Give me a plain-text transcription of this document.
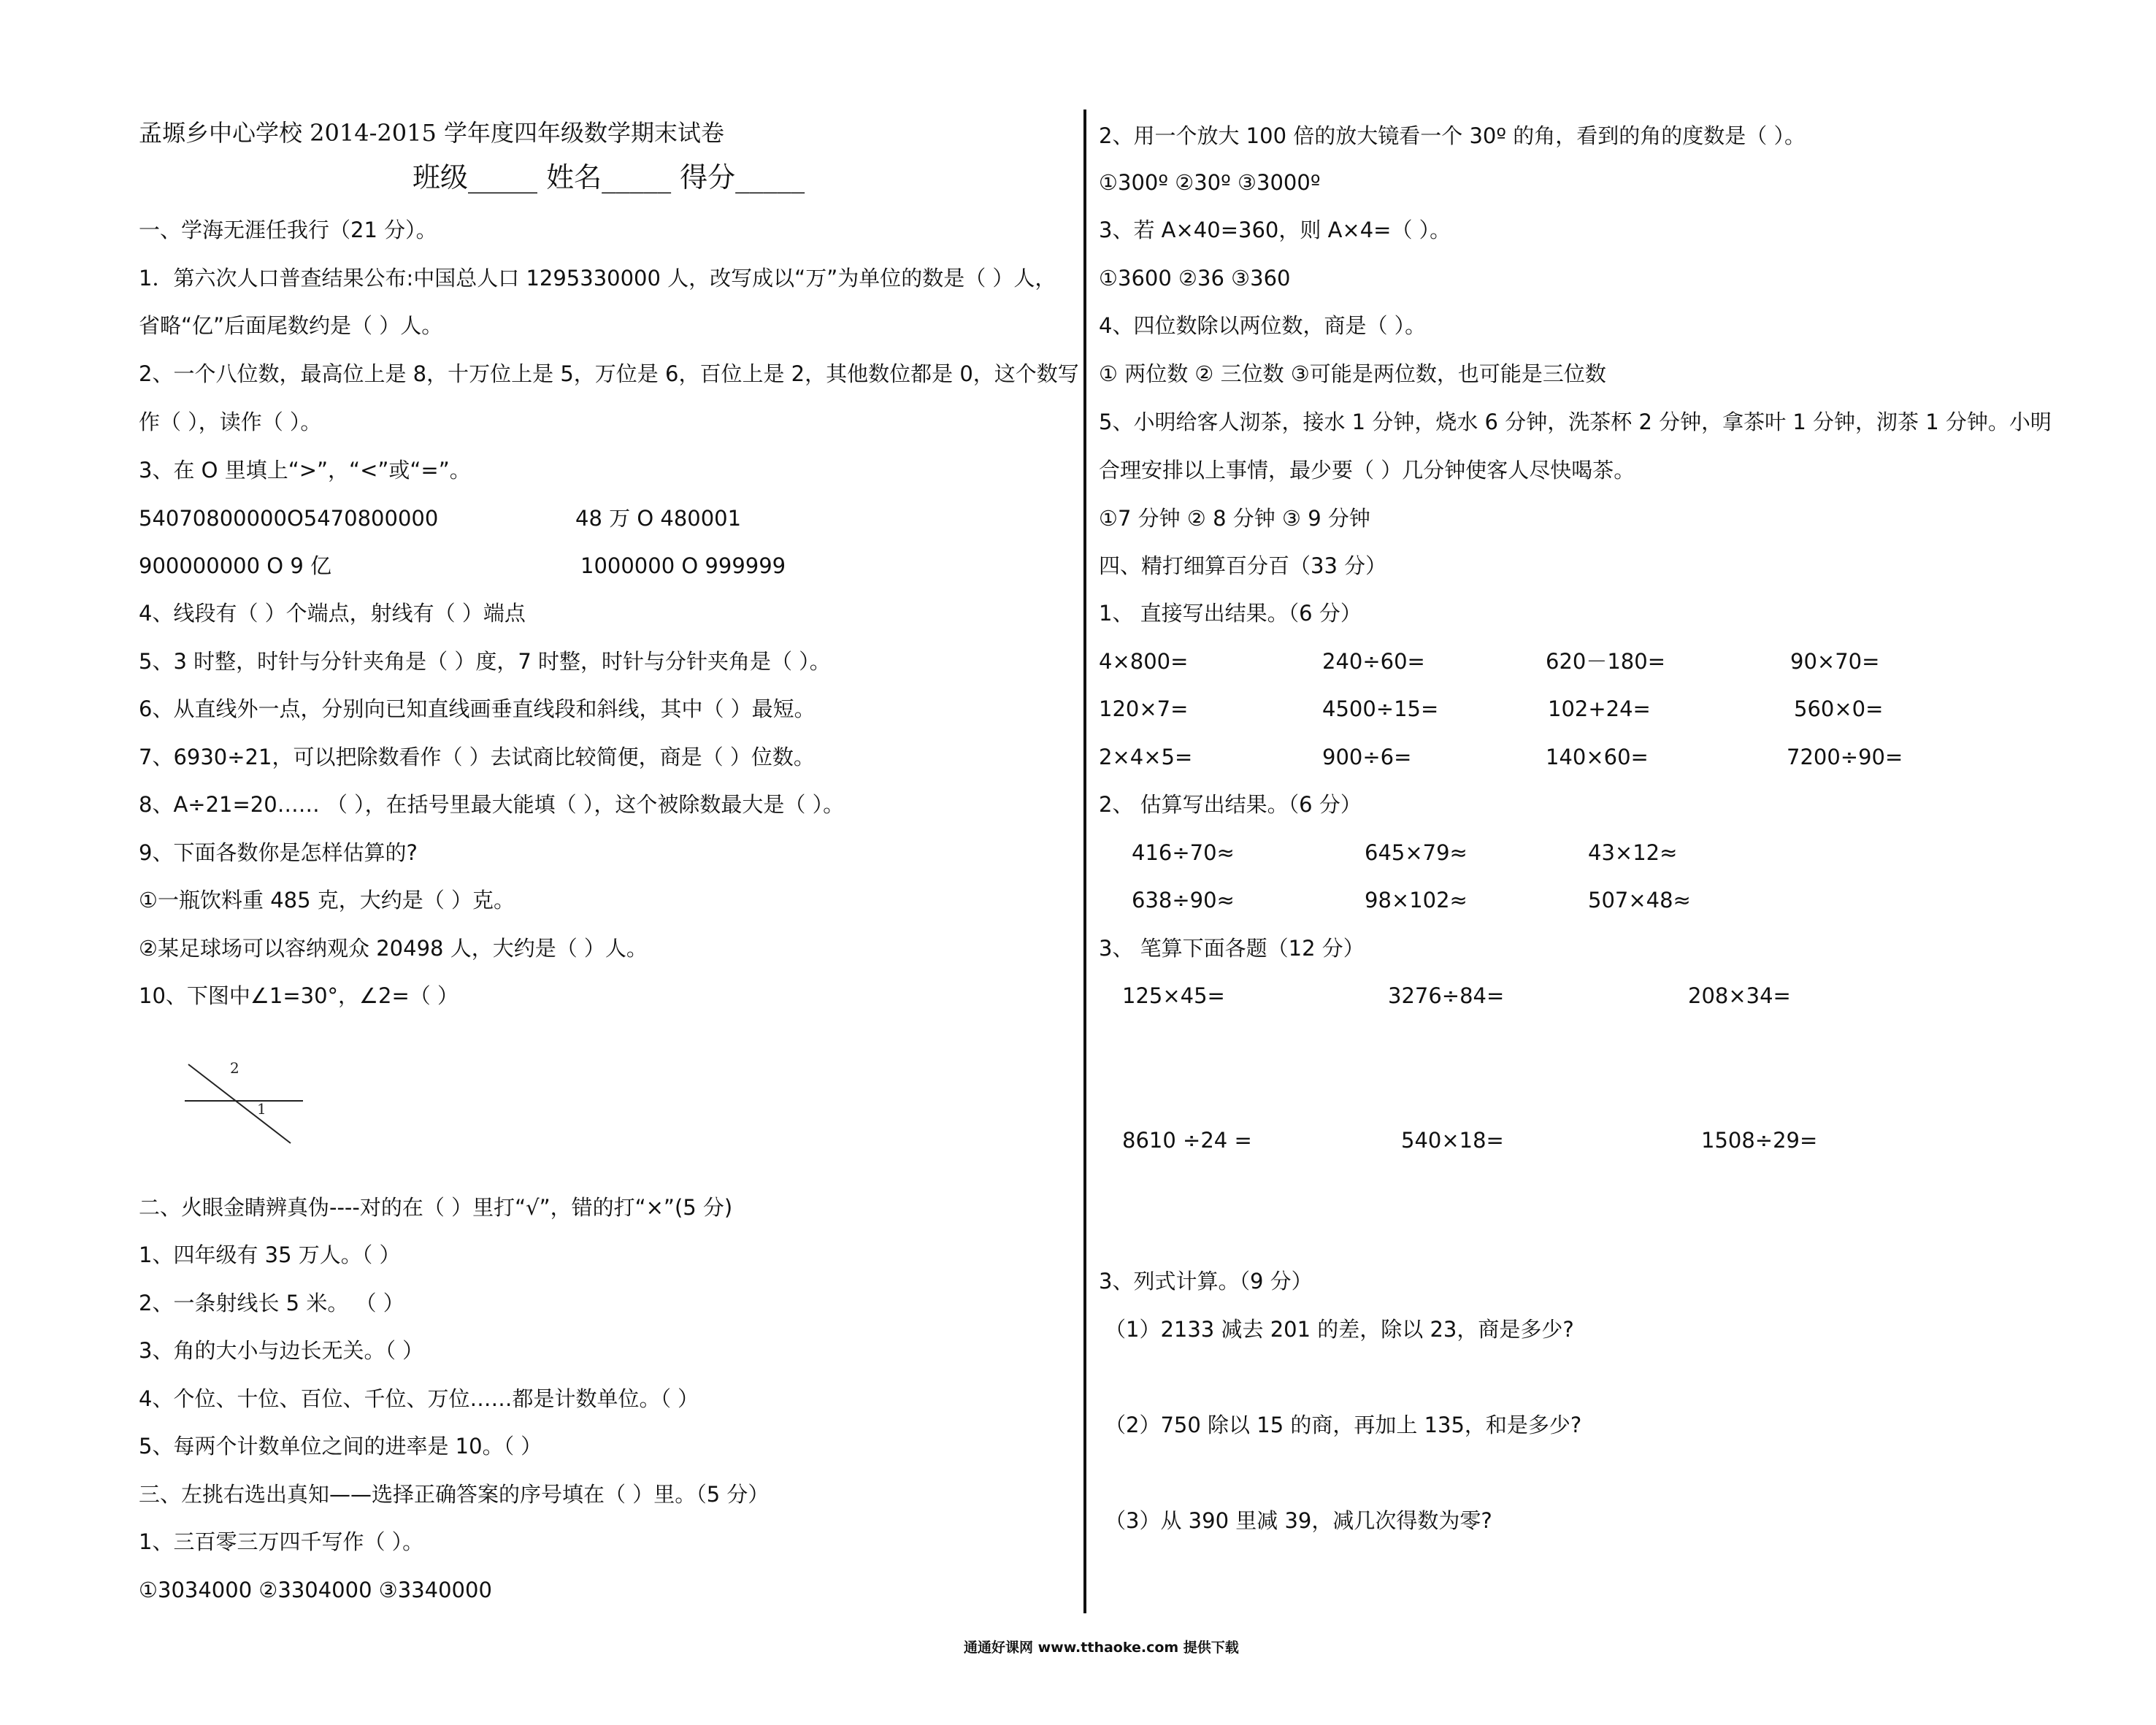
孟塬乡中心学校 2014-2015 学年度四年级数学期末试卷
班级_____ 姓名_____ 得分_____
一、学海无涯任我行（21 分）。
1．第六次人口普查结果公布:中国总人口 1295330000 人，改写成以“万”为单位的数是（ ）人，
省略“亿”后面尾数约是（ ）人。
2、一个八位数，最高位上是 8，十万位上是 5，万位是 6，百位上是 2，其他数位都是 0，这个数写
作（ ），读作（ ）。
3、在 O 里填上“>”，“<”或“=”。
54070800000O5470800000	48 万 O 480001
900000000 O 9 亿	1000000 O 999999
4、线段有（ ）个端点，射线有（ ）端点
5、3 时整，时针与分针夹角是（ ）度，7 时整，时针与分针夹角是（ ）。
6、从直线外一点，分别向已知直线画垂直线段和斜线，其中（ ）最短。
7、6930÷21，可以把除数看作（ ）去试商比较简便，商是（ ）位数。
8、A÷21=20…… （ ），在括号里最大能填（ ），这个被除数最大是（ ）。
9、下面各数你是怎样估算的?
①一瓶饮料重 485 克，大约是（ ）克。
②某足球场可以容纳观众 20498 人，大约是（ ）人。
10、下图中∠1=30°，∠2=（ ）
2
1
二、火眼金睛辨真伪----对的在（ ）里打“√”，错的打“×”(5 分)
1、四年级有 35 万人。（ ）
2、一条射线长 5 米。 （ ）
3、角的大小与边长无关。（ ）
4、个位、十位、百位、千位、万位……都是计数单位。（ ）
5、每两个计数单位之间的进率是 10。（ ）
三、左挑右选出真知——选择正确答案的序号填在（ ）里。（5 分）
1、三百零三万四千写作（ ）。
①3034000 ②3304000 ③3340000
2、用一个放大 100 倍的放大镜看一个 30º 的角，看到的角的度数是（ ）。
①300º ②30º ③3000º
3、若 A×40=360，则 A×4=（ ）。
①3600 ②36 ③360
4、四位数除以两位数，商是（ ）。
① 两位数 ② 三位数 ③可能是两位数，也可能是三位数
5、小明给客人沏茶，接水 1 分钟，烧水 6 分钟，洗茶杯 2 分钟，拿茶叶 1 分钟，沏茶 1 分钟。小明
合理安排以上事情，最少要（ ）几分钟使客人尽快喝茶。
①7 分钟 ② 8 分钟 ③ 9 分钟
四、精打细算百分百（33 分）
1、 直接写出结果。（6 分）
4×800=	240÷60=	620－180=	90×70=
120×7=	4500÷15=	102+24=	560×0=
2×4×5=	900÷6=	140×60=	7200÷90=
2、 估算写出结果。（6 分）
416÷70≈	645×79≈	43×12≈
638÷90≈	98×102≈	507×48≈
3、 笔算下面各题（12 分）
125×45=	3276÷84=	208×34=
8610 ÷24 =	540×18=	1508÷29=
3、列式计算。（9 分）
（1）2133 减去 201 的差，除以 23，商是多少?
（2）750 除以 15 的商，再加上 135，和是多少?
（3）从 390 里减 39，减几次得数为零?
通通好课网 www.tthaoke.com 提供下载
